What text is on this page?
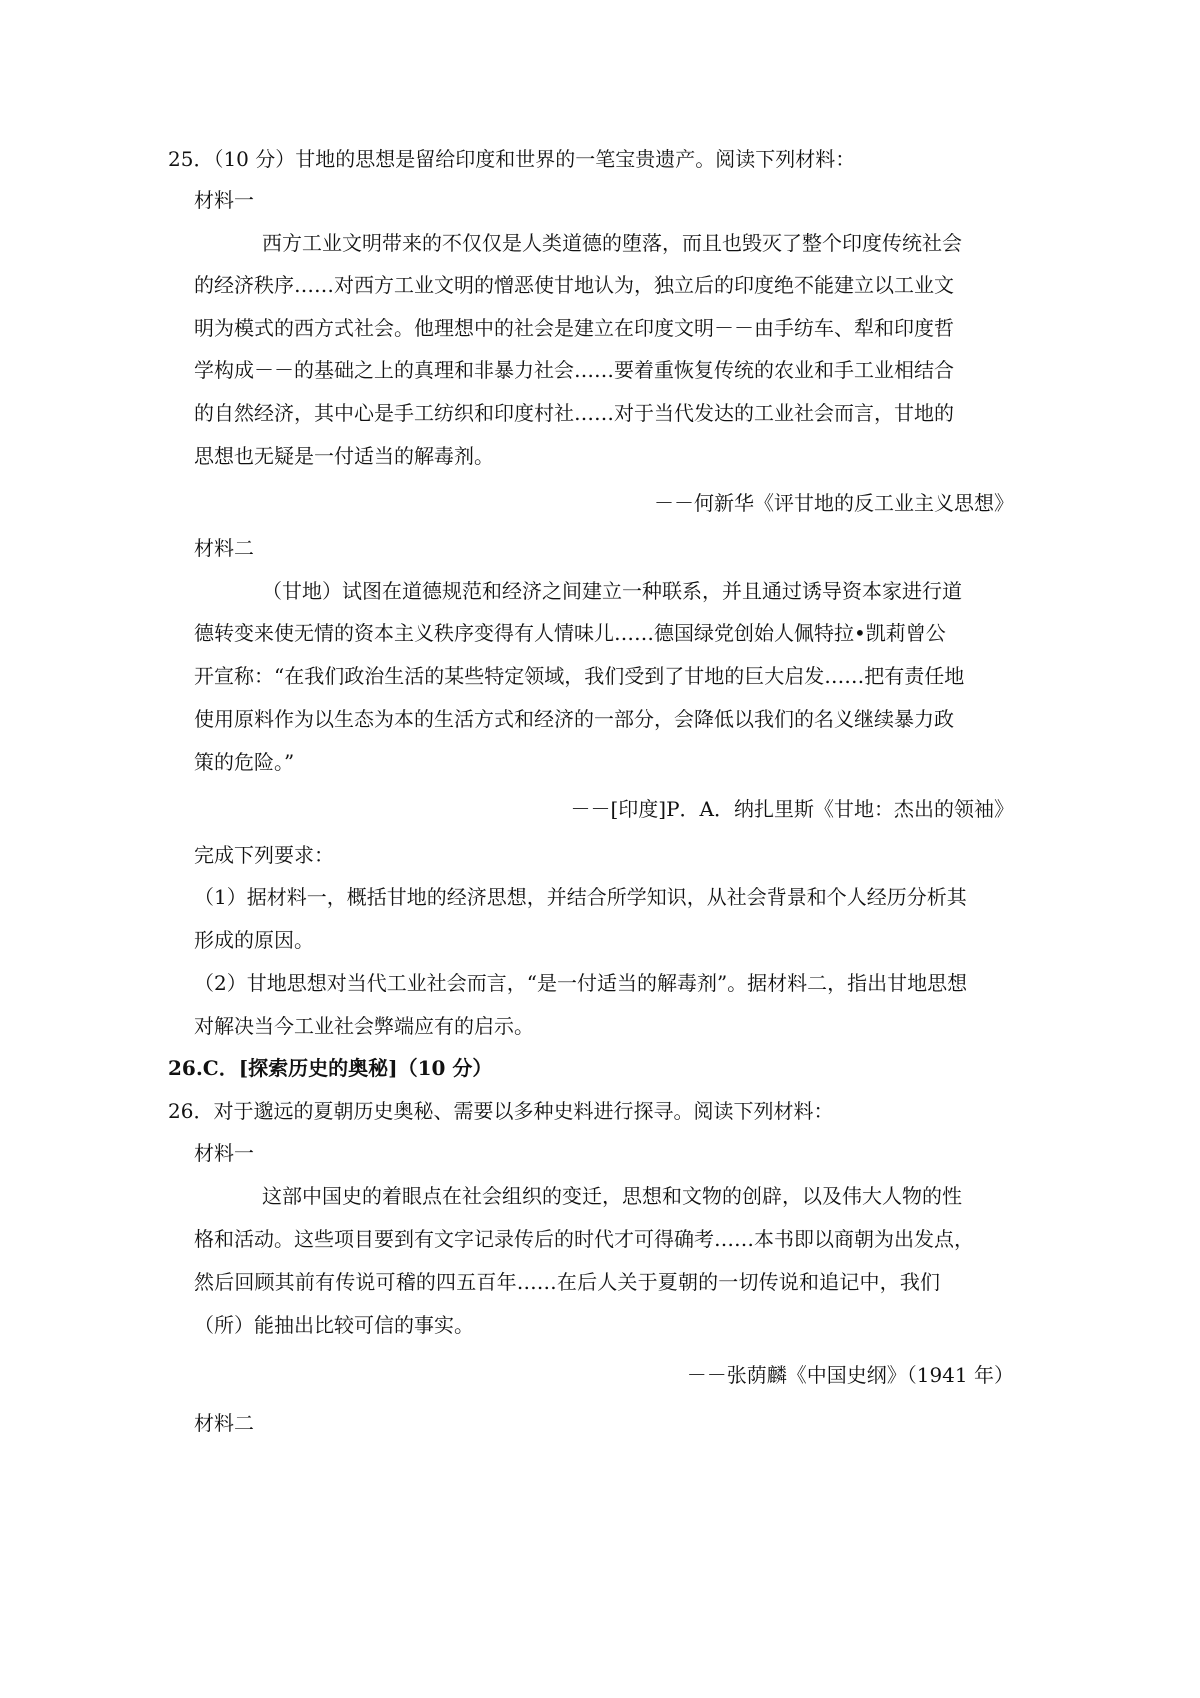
25．（10 分）甘地的思想是留给印度和世界的一笔宝贵遗产。阅读下列材料：
材料一
西方工业文明带来的不仅仅是人类道德的堕落，而且也毁灭了整个印度传统社会
的经济秩序……对西方工业文明的憎恶使甘地认为，独立后的印度绝不能建立以工业文
明为模式的西方式社会。他理想中的社会是建立在印度文明－－由手纺车、犁和印度哲
学构成－－的基础之上的真理和非暴力社会……要着重恢复传统的农业和手工业相结合
的自然经济，其中心是手工纺织和印度村社……对于当代发达的工业社会而言，甘地的
思想也无疑是一付适当的解毒剂。
－－何新华《评甘地的反工业主义思想》
材料二
（甘地）试图在道德规范和经济之间建立一种联系，并且通过诱导资本家进行道
德转变来使无情的资本主义秩序变得有人情味儿……德国绿党创始人佩特拉•凯莉曾公
开宣称：“在我们政治生活的某些特定领域，我们受到了甘地的巨大启发……把有责任地
使用原料作为以生态为本的生活方式和经济的一部分，会降低以我们的名义继续暴力政
策的危险。”
－－[印度]P．A．纳扎里斯《甘地：杰出的领袖》
完成下列要求：
（1）据材料一，概括甘地的经济思想，并结合所学知识，从社会背景和个人经历分析其
形成的原因。
（2）甘地思想对当代工业社会而言，“是一付适当的解毒剂”。据材料二，指出甘地思想
对解决当今工业社会弊端应有的启示。
26.C．[探索历史的奥秘]（10 分）
26．对于邈远的夏朝历史奥秘、需要以多种史料进行探寻。阅读下列材料：
材料一
这部中国史的着眼点在社会组织的变迁，思想和文物的创辟，以及伟大人物的性
格和活动。这些项目要到有文字记录传后的时代才可得确考……本书即以商朝为出发点，
然后回顾其前有传说可稽的四五百年……在后人关于夏朝的一切传说和追记中，我们
（所）能抽出比较可信的事实。
－－张荫麟《中国史纲》（1941 年）
材料二
